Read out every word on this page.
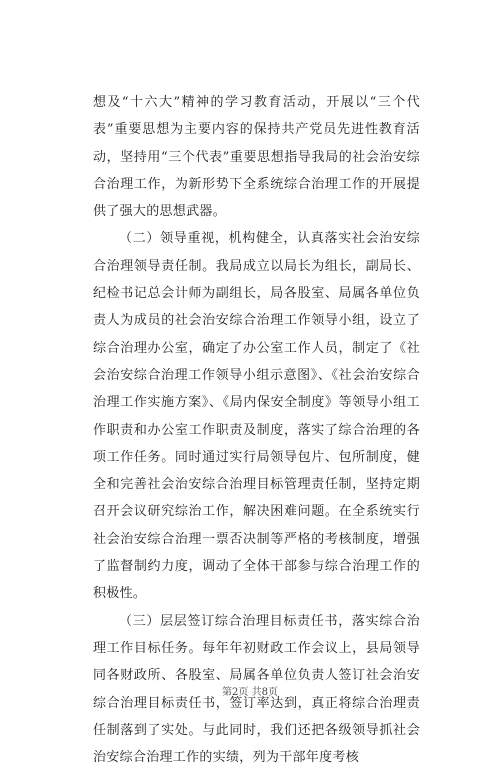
想及“十六大”精神的学习教育活动，开展以“三个代表”重要思想为主要内容的保持共产党员先进性教育活动，坚持用“三个代表”重要思想指导我局的社会治安综合治理工作，为新形势下全系统综合治理工作的开展提供了强大的思想武器。

（二）领导重视，机构健全，认真落实社会治安综合治理领导责任制。我局成立以局长为组长，副局长、纪检书记总会计师为副组长，局各股室、局属各单位负责人为成员的社会治安综合治理工作领导小组，设立了综合治理办公室，确定了办公室工作人员，制定了《社会治安综合治理工作领导小组示意图》、《社会治安综合治理工作实施方案》、《局内保安全制度》等领导小组工作职责和办公室工作职责及制度，落实了综合治理的各项工作任务。同时通过实行局领导包片、包所制度，健全和完善社会治安综合治理目标管理责任制，坚持定期召开会议研究综治工作，解决困难问题。在全系统实行社会治安综合治理一票否决制等严格的考核制度，增强了监督制约力度，调动了全体干部参与综合治理工作的积极性。

（三）层层签订综合治理目标责任书，落实综合治理工作目标任务。每年年初财政工作会议上，县局领导同各财政所、各股室、局属各单位负责人签订社会治安综合治理目标责任书，签订率达到，真正将综合治理责任制落到了实处。与此同时，我们还把各级领导抓社会治安综合治理工作的实绩，列为干部年度考核

第2页 共8页
